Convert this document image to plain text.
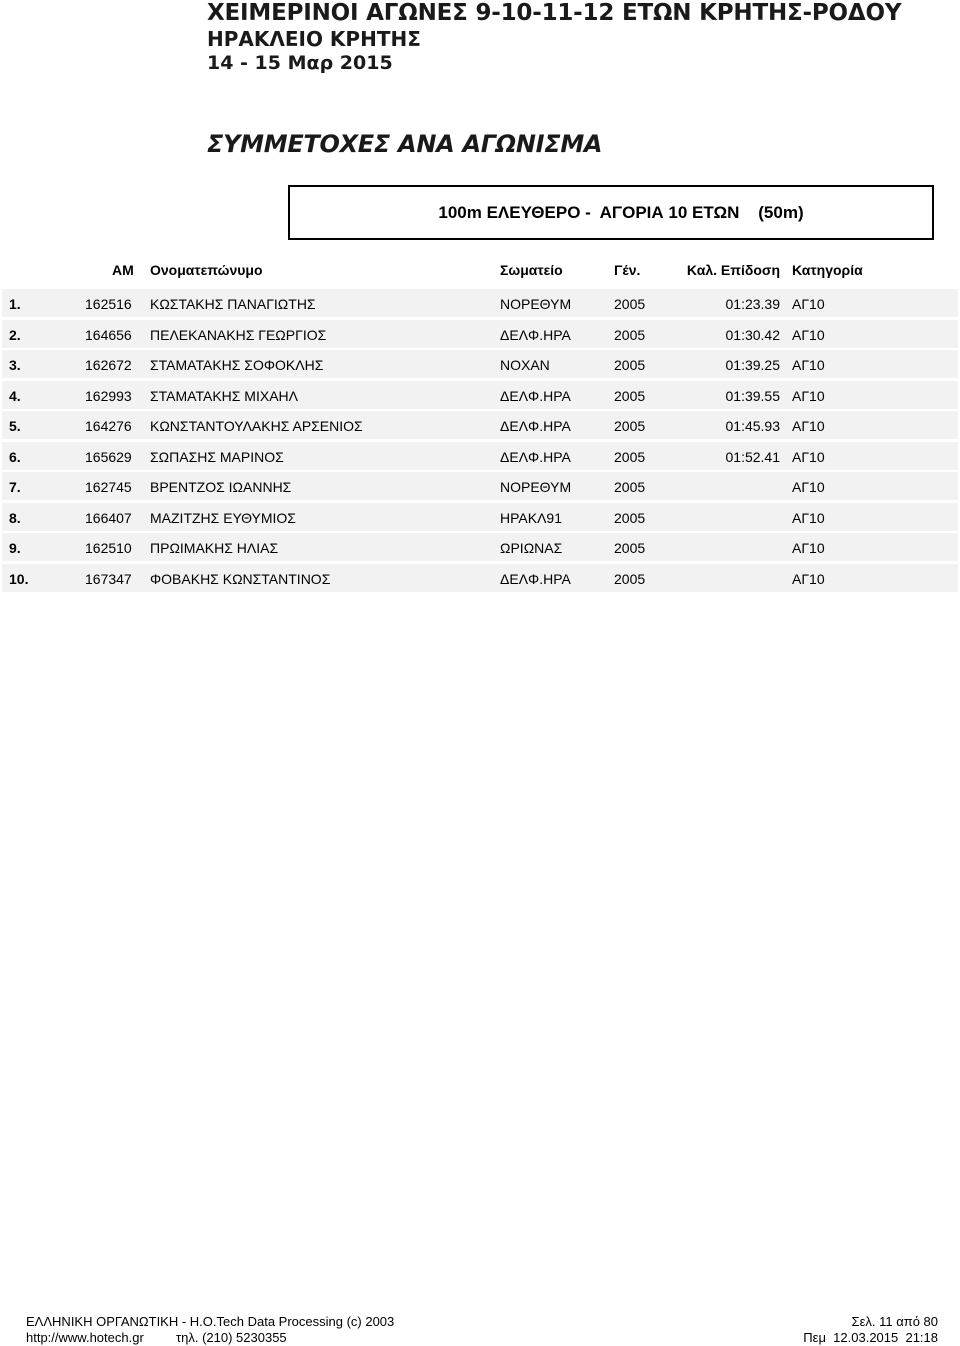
ΧΕΙΜΕΡΙΝΟΙ ΑΓΩΝΕΣ 9-10-11-12 ΕΤΩΝ ΚΡΗΤΗΣ-ΡΟΔΟΥ
ΗΡΑΚΛΕΙΟ ΚΡΗΤΗΣ
14 - 15 Μαρ 2015
ΣΥΜΜΕΤΟΧΕΣ ΑΝΑ ΑΓΩΝΙΣΜΑ
100m ΕΛΕΥΘΕΡΟ -  ΑΓΟΡΙΑ 10 ΕΤΩΝ    (50m)
ΑΜ Ονοματεπώνυμο	Σωματείο	Γέν.	Καλ. Επίδοση Κατηγορία
1.	162516 ΚΩΣΤΑΚΗΣ ΠΑΝΑΓΙΩΤΗΣ	ΝΟΡΕΘΥΜ	2005	01:23.39 ΑΓ10
2.	164656 ΠΕΛΕΚΑΝΑΚΗΣ ΓΕΩΡΓΙΟΣ	ΔΕΛΦ.ΗΡΑ	2005	01:30.42 ΑΓ10
3.	162672 ΣΤΑΜΑΤΑΚΗΣ ΣΟΦΟΚΛΗΣ	ΝΟΧΑΝ	2005	01:39.25 ΑΓ10
4.	162993 ΣΤΑΜΑΤΑΚΗΣ ΜΙΧΑΗΛ	ΔΕΛΦ.ΗΡΑ	2005	01:39.55 ΑΓ10
5.	164276 ΚΩΝΣΤΑΝΤΟΥΛΑΚΗΣ ΑΡΣΕΝΙΟΣ	ΔΕΛΦ.ΗΡΑ	2005	01:45.93 ΑΓ10
6.	165629 ΣΩΠΑΣΗΣ ΜΑΡΙΝΟΣ	ΔΕΛΦ.ΗΡΑ	2005	01:52.41 ΑΓ10
7.	162745 ΒΡΕΝΤΖΟΣ ΙΩΑΝΝΗΣ	ΝΟΡΕΘΥΜ	2005	ΑΓ10
8.	166407 ΜΑΖΙΤΖΗΣ ΕΥΘΥΜΙΟΣ	ΗΡΑΚΛ91	2005	ΑΓ10
9.	162510 ΠΡΩΙΜΑΚΗΣ ΗΛΙΑΣ	ΩΡΙΩΝΑΣ	2005	ΑΓ10
10.	167347 ΦΟΒΑΚΗΣ ΚΩΝΣΤΑΝΤΙΝΟΣ	ΔΕΛΦ.ΗΡΑ	2005	ΑΓ10
ΕΛΛΗΝΙΚΗ ΟΡΓΑΝΩΤΙΚΗ - Η.Ο.Tech Data Processing (c) 2003
http://www.hotech.gr τηλ. (210) 5230355
Σελ. 11 από 80
Πεμ  12.03.2015  21:18
